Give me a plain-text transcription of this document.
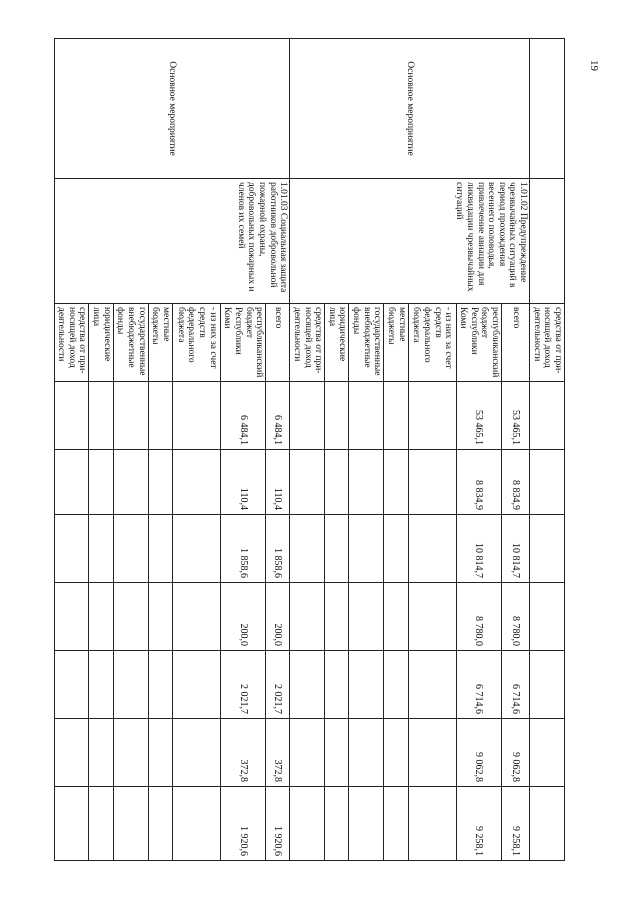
19
		средства от при-носящей доход деятельности							
Основное мероприятие	1.01.02 Предупреждение чрезвычайных ситуаций в период прохождения весеннего половодья, привлечение авиации для ликвидации чрезвычайных ситуаций	всего	53 465,1	8 834,9	10 814,7	8 780,0	6 714,6	9 062,8	9 258,1
		республиканский бюджет Республики Коми	53 465,1	8 834,9	10 814,7	8 780,0	6 714,6	9 062,8	9 258,1
		- из них за счет средств федерального бюджета							
		местные бюджеты							
		государственные внебюджетные фонды							
		юридические лица							
		средства от при-носящей доход деятельности							
Основное мероприятие	1.01.03 Социальная защита работников добровольной пожарной охраны, добровольных пожарных и членов их семей	всего	6 484,1	110,4	1 858,6	200,0	2 021,7	372,8	1 920,6
		республиканский бюджет Республики Коми	6 484,1	110,4	1 858,6	200,0	2 021,7	372,8	1 920,6
		- из них за счет средств федерального бюджета							
		местные бюджеты							
		государственные внебюджетные фонды							
		юридические лица							
		средства от при-носящей доход деятельности							
